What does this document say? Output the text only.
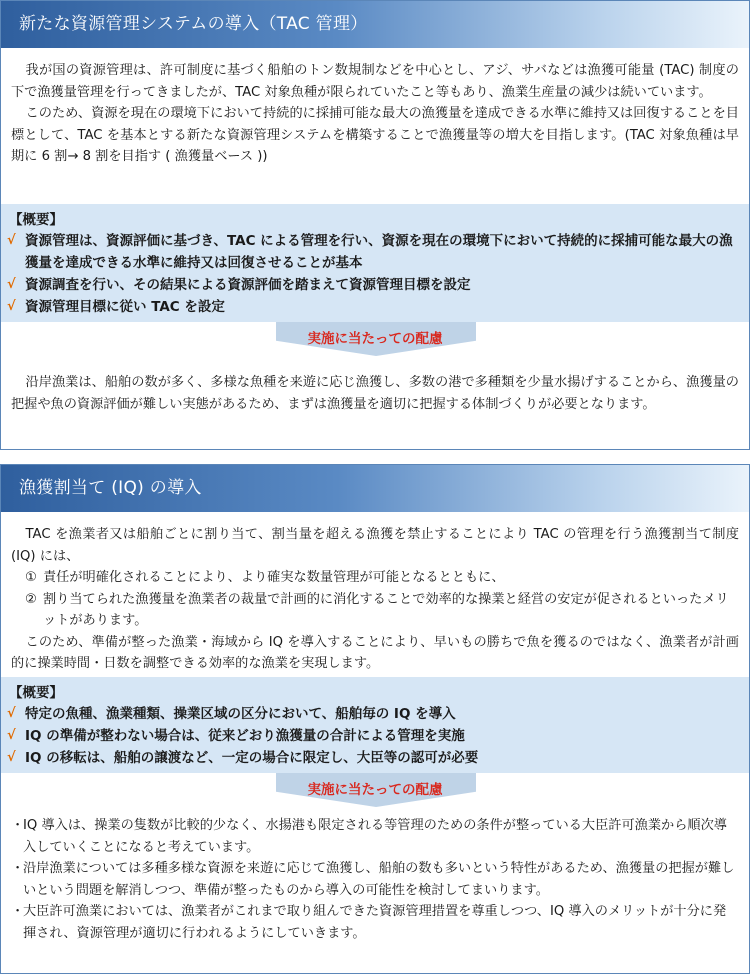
新たな資源管理システムの導入（TAC 管理）

我が国の資源管理は、許可制度に基づく船舶のトン数規制などを中心とし、アジ、サバなどは漁獲可能量 (TAC) 制度の下で漁獲量管理を行ってきましたが、TAC 対象魚種が限られていたこと等もあり、漁業生産量の減少は続いています。

このため、資源を現在の環境下において持続的に採捕可能な最大の漁獲量を達成できる水準に維持又は回復することを目標として、TAC を基本とする新たな資源管理システムを構築することで漁獲量等の増大を目指します。(TAC 対象魚種は早期に 6 割→ 8 割を目指す ( 漁獲量ベース ))

【概要】
√ 資源管理は、資源評価に基づき、TAC による管理を行い、資源を現在の環境下において持続的に採捕可能な最大の漁獲量を達成できる水準に維持又は回復させることが基本
√ 資源調査を行い、その結果による資源評価を踏まえて資源管理目標を設定
√ 資源管理目標に従い TAC を設定
実施に当たっての配慮

沿岸漁業は、船舶の数が多く、多様な魚種を来遊に応じ漁獲し、多数の港で多種類を少量水揚げすることから、漁獲量の把握や魚の資源評価が難しい実態があるため、まずは漁獲量を適切に把握する体制づくりが必要となります。

漁獲割当て (IQ) の導入

TAC を漁業者又は船舶ごとに割り当て、割当量を超える漁獲を禁止することにより TAC の管理を行う漁獲割当て制度 (IQ) には、

① 責任が明確化されることにより、より確実な数量管理が可能となるとともに、
② 割り当てられた漁獲量を漁業者の裁量で計画的に消化することで効率的な操業と経営の安定が促されるといったメリットがあります。

このため、準備が整った漁業・海域から IQ を導入することにより、早いもの勝ちで魚を獲るのではなく、漁業者が計画的に操業時間・日数を調整できる効率的な漁業を実現します。

【概要】
√ 特定の魚種、漁業種類、操業区域の区分において、船舶毎の IQ を導入
√ IQ の準備が整わない場合は、従来どおり漁獲量の合計による管理を実施
√ IQ の移転は、船舶の譲渡など、一定の場合に限定し、大臣等の認可が必要
実施に当たっての配慮
・
IQ 導入は、操業の隻数が比較的少なく、水揚港も限定される等管理のための条件が整っている大臣許可漁業から順次導入していくことになると考えています。
・
沿岸漁業については多種多様な資源を来遊に応じて漁獲し、船舶の数も多いという特性があるため、漁獲量の把握が難しいという問題を解消しつつ、準備が整ったものから導入の可能性を検討してまいります。
・
大臣許可漁業においては、漁業者がこれまで取り組んできた資源管理措置を尊重しつつ、IQ 導入のメリットが十分に発揮され、資源管理が適切に行われるようにしていきます。
